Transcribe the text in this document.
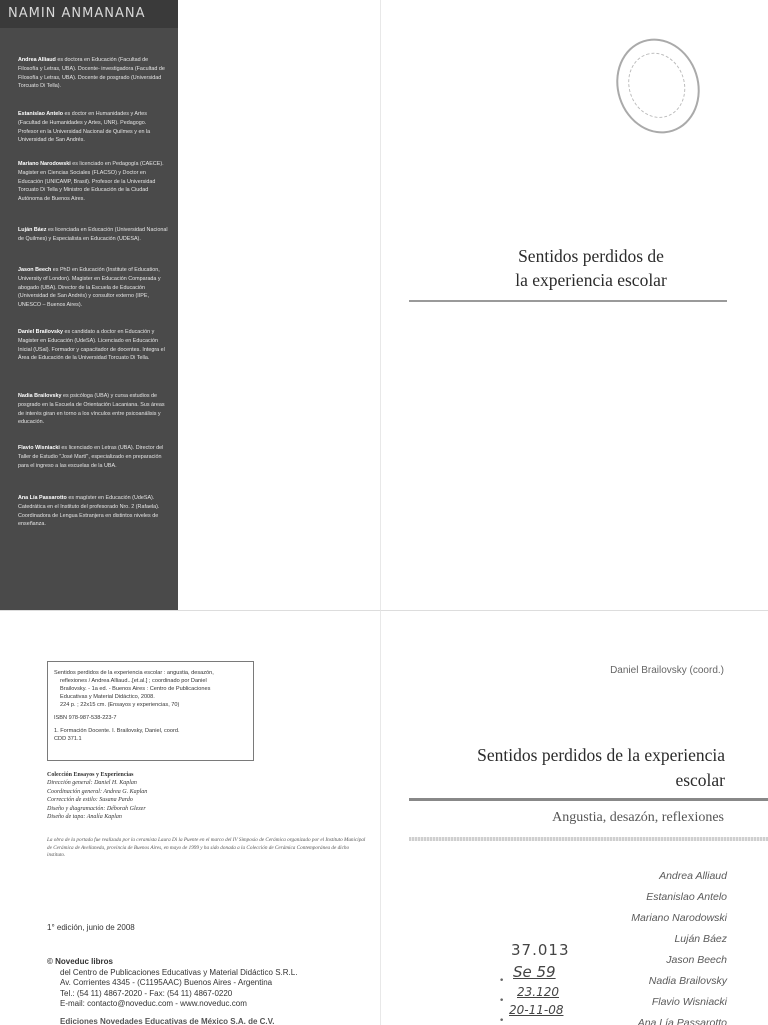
NAMIN ANMANANA
Andrea Alliaud es doctora en Educación (Facultad de Filosofía y Letras, UBA). Docente- investigadora (Facultad de Filosofía y Letras, UBA). Docente de posgrado (Universidad Torcuato Di Tella).
Estanislao Antelo es doctor en Humanidades y Artes (Facultad de Humanidades y Artes, UNR). Pedagogo. Profesor en la Universidad Nacional de Quilmes y en la Universidad de San Andrés.
Mariano Narodowski es licenciado en Pedagogía (CAECE). Magister en Ciencias Sociales (FLACSO) y Doctor en Educación (UNICAMP, Brasil). Profesor de la Universidad Torcuato Di Tella y Ministro de Educación de la Ciudad Autónoma de Buenos Aires.
Luján Báez es licenciada en Educación (Universidad Nacional de Quilmes) y Especialista en Educación (UDESA).
Jason Beech es PhD en Educación (Institute of Education, University of London). Magister en Educación Comparada y abogado (UBA). Director de la Escuela de Educación (Universidad de San Andrés) y consultor externo (IIPE, UNESCO – Buenos Aires).
Daniel Brailovsky es candidato a doctor en Educación y Magister en Educación (UdeSA). Licenciado en Educación Inicial (USal). Formador y capacitador de docentes. Integra el Área de Educación de la Universidad Torcuato Di Tella.
Nadia Brailovsky es psicóloga (UBA) y cursa estudios de posgrado en la Escuela de Orientación Lacaniana. Sus áreas de interés giran en torno a los vínculos entre psicoanálisis y educación.
Flavio Wisniacki es licenciado en Letras (UBA). Director del Taller de Estudio "José Martí", especializado en preparación para el ingreso a las escuelas de la UBA.
Ana Lía Passarotto es magíster en Educación (UdeSA). Catedrática en el Instituto del profesorado Nro. 2 (Rafaela). Coordinadora de Lengua Extranjera en distintos niveles de enseñanza.
Sentidos perdidos de
la experiencia escolar

Sentidos perdidos de la experiencia escolar : angustia, desazón,
reflexiones / Andrea Alliaud...[et.al.] ; coordinado por Daniel
Brailovsky. - 1a ed. - Buenos Aires : Centro de Publicaciones
Educativas y Material Didáctico, 2008.
224 p. ; 22x15 cm. (Ensayos y experiencias, 70)

ISBN 978-987-538-223-7

1. Formación Docente. I. Brailovsky, Daniel, coord.
CDD 371.1

Colección Ensayos y Experiencias
Dirección general: Daniel H. Kaplan
Coordinación general: Andrea G. Kaplan
Corrección de estilo: Susana Pardo
Diseño y diagramación: Déborah Glezer
Diseño de tapa: Analía Kaplan
La obra de la portada fue realizada por la ceramista Laura Di la Puente en el marco del IV Simposio de Cerámica organizado por el Instituto Municipal de Cerámica de Avellaneda, provincia de Buenos Aires, en mayo de 1999 y ha sido donada a la Colección de Cerámica Contemporánea de dicho instituto.
1° edición, junio de 2008
© Noveduc libros
del Centro de Publicaciones Educativas y Material Didáctico S.R.L.
Av. Corrientes 4345 - (C1195AAC) Buenos Aires - Argentina
Tel.: (54 11) 4867-2020 - Fax: (54 11) 4867-0220
E-mail: contacto@noveduc.com - www.noveduc.com
Ediciones Novedades Educativas de México S.A. de C.V.
Daniel Brailovsky (coord.)
Sentidos perdidos de la experiencia
escolar
Angustia, desazón, reflexiones
Andrea Alliaud
Estanislao Antelo
Mariano Narodowski
Luján Báez
Jason Beech
Nadia Brailovsky
Flavio Wisniacki
Ana Lía Passarotto
•
•
•
37.013
Se 59
23.120
20-11-08
